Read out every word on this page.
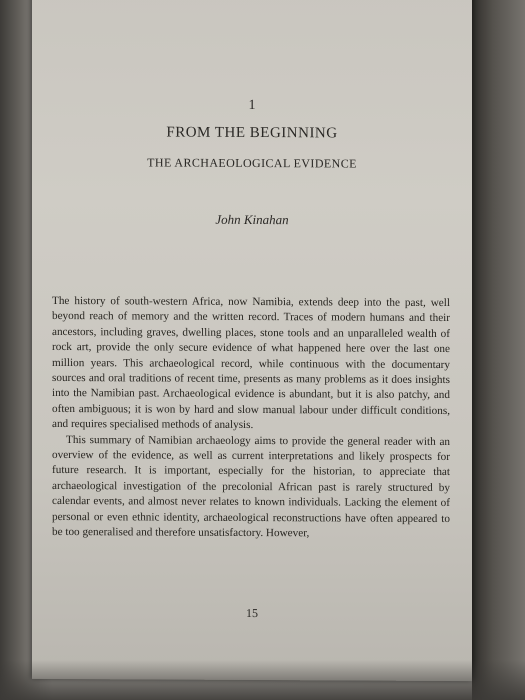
1
FROM THE BEGINNING
THE ARCHAEOLOGICAL EVIDENCE
John Kinahan

The history of south-western Africa, now Namibia, extends deep into the past, well beyond reach of memory and the written record. Traces of modern humans and their ancestors, including graves, dwelling places, stone tools and an unparalleled wealth of rock art, provide the only secure evidence of what happened here over the last one million years. This archaeological record, while continuous with the documentary sources and oral traditions of recent time, presents as many problems as it does insights into the Namibian past. Archaeological evidence is abundant, but it is also patchy, and often ambiguous; it is won by hard and slow manual labour under difficult conditions, and requires specialised methods of analysis.

This summary of Namibian archaeology aims to provide the general reader with an overview of the evidence, as well as current interpretations and likely prospects for future research. It is important, especially for the historian, to appreciate that archaeological investigation of the precolonial African past is rarely structured by calendar events, and almost never relates to known individuals. Lacking the element of personal or even ethnic identity, archaeological reconstructions have often appeared to be too generalised and therefore unsatisfactory. However,

15
